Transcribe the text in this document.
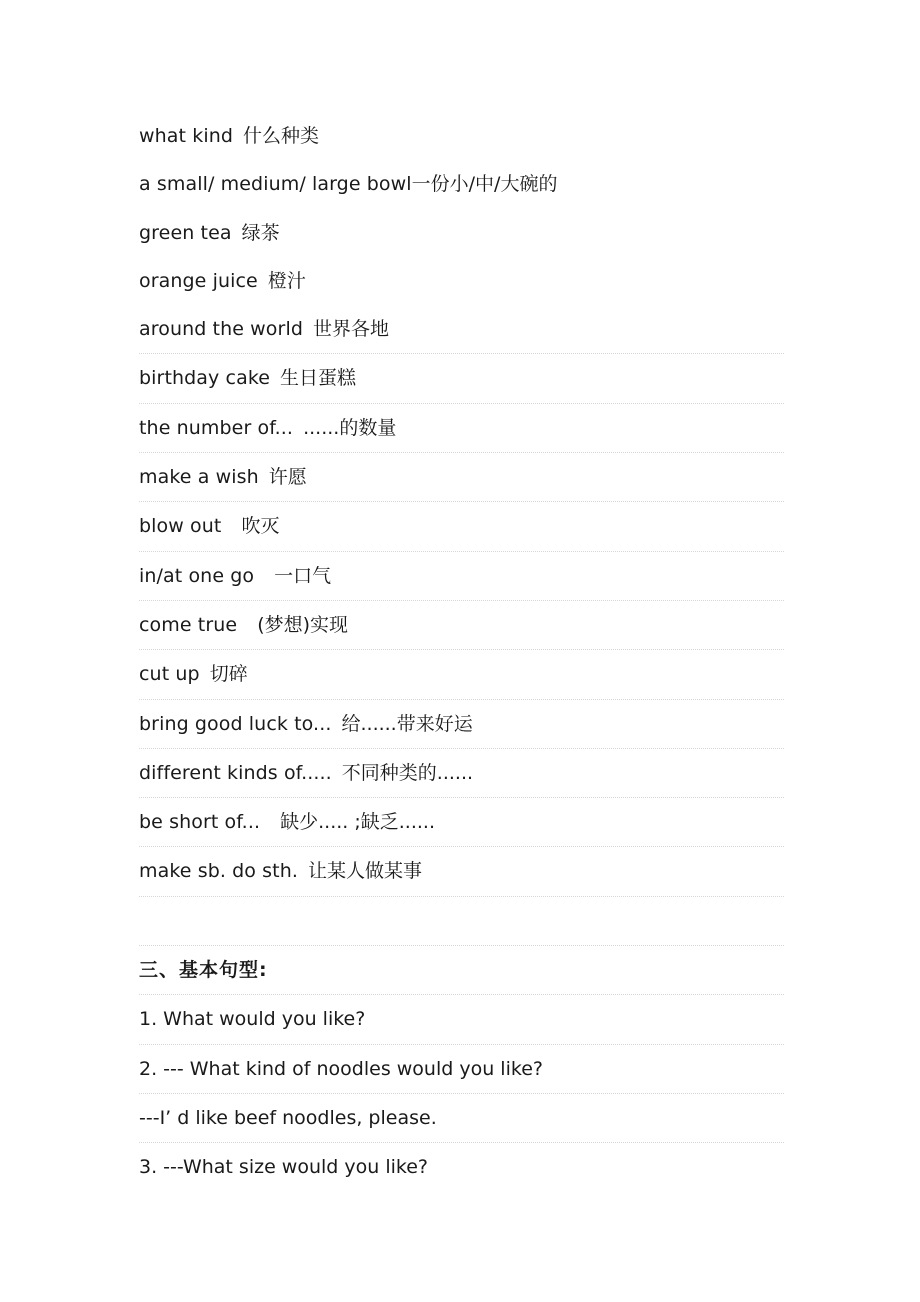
what kind 什么种类
a small/ medium/ large bowl一份小/中/大碗的
green tea 绿茶
orange juice 橙汁
around the world 世界各地
birthday cake 生日蛋糕
the number of... ......的数量
make a wish 许愿
blow out 吹灭
in/at one go 一口气
come true (梦想)实现
cut up 切碎
bring good luck to... 给......带来好运
different kinds of..... 不同种类的......
be short of... 缺少..... ;缺乏......
make sb. do sth. 让某人做某事
三、基本句型:
1. What would you like?
2. --- What kind of noodles would you like?
---I’ d like beef noodles, please.
3. ---What size would you like?
